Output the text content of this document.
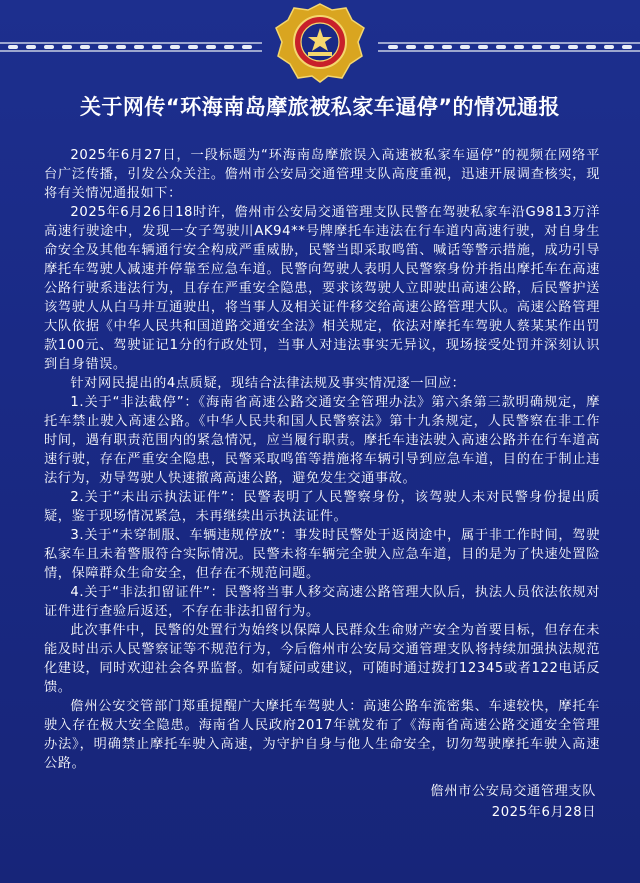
关于网传“环海南岛摩旅被私家车逼停”的情况通报

2025年6月27日，一段标题为“环海南岛摩旅误入高速被私家车逼停”的视频在网络平台广泛传播，引发公众关注。儋州市公安局交通管理支队高度重视，迅速开展调查核实，现将有关情况通报如下：

2025年6月26日18时许，儋州市公安局交通管理支队民警在驾驶私家车沿G9813万洋高速行驶途中，发现一女子驾驶川AK94**号牌摩托车违法在行车道内高速行驶，对自身生命安全及其他车辆通行安全构成严重威胁，民警当即采取鸣笛、喊话等警示措施，成功引导摩托车驾驶人减速并停靠至应急车道。民警向驾驶人表明人民警察身份并指出摩托车在高速公路行驶系违法行为，且存在严重安全隐患，要求该驾驶人立即驶出高速公路，后民警护送该驾驶人从白马井互通驶出，将当事人及相关证件移交给高速公路管理大队。高速公路管理大队依据《中华人民共和国道路交通安全法》相关规定，依法对摩托车驾驶人蔡某某作出罚款100元、驾驶证记1分的行政处罚，当事人对违法事实无异议，现场接受处罚并深刻认识到自身错误。

针对网民提出的4点质疑，现结合法律法规及事实情况逐一回应：

1.关于“非法截停”：《海南省高速公路交通安全管理办法》第六条第三款明确规定，摩托车禁止驶入高速公路。《中华人民共和国人民警察法》第十九条规定，人民警察在非工作时间，遇有职责范围内的紧急情况，应当履行职责。摩托车违法驶入高速公路并在行车道高速行驶，存在严重安全隐患，民警采取鸣笛等措施将车辆引导到应急车道，目的在于制止违法行为，劝导驾驶人快速撤离高速公路，避免发生交通事故。

2.关于“未出示执法证件”：民警表明了人民警察身份，该驾驶人未对民警身份提出质疑，鉴于现场情况紧急，未再继续出示执法证件。

3.关于“未穿制服、车辆违规停放”：事发时民警处于返岗途中，属于非工作时间，驾驶私家车且未着警服符合实际情况。民警未将车辆完全驶入应急车道，目的是为了快速处置险情，保障群众生命安全，但存在不规范问题。

4.关于“非法扣留证件”：民警将当事人移交高速公路管理大队后，执法人员依法依规对证件进行查验后返还，不存在非法扣留行为。

此次事件中，民警的处置行为始终以保障人民群众生命财产安全为首要目标，但存在未能及时出示人民警察证等不规范行为，今后儋州市公安局交通管理支队将持续加强执法规范化建设，同时欢迎社会各界监督。如有疑问或建议，可随时通过拨打12345或者122电话反馈。

儋州公安交管部门郑重提醒广大摩托车驾驶人：高速公路车流密集、车速较快，摩托车驶入存在极大安全隐患。海南省人民政府2017年就发布了《海南省高速公路交通安全管理办法》，明确禁止摩托车驶入高速，为守护自身与他人生命安全，切勿驾驶摩托车驶入高速公路。

儋州市公安局交通管理支队
2025年6月28日
